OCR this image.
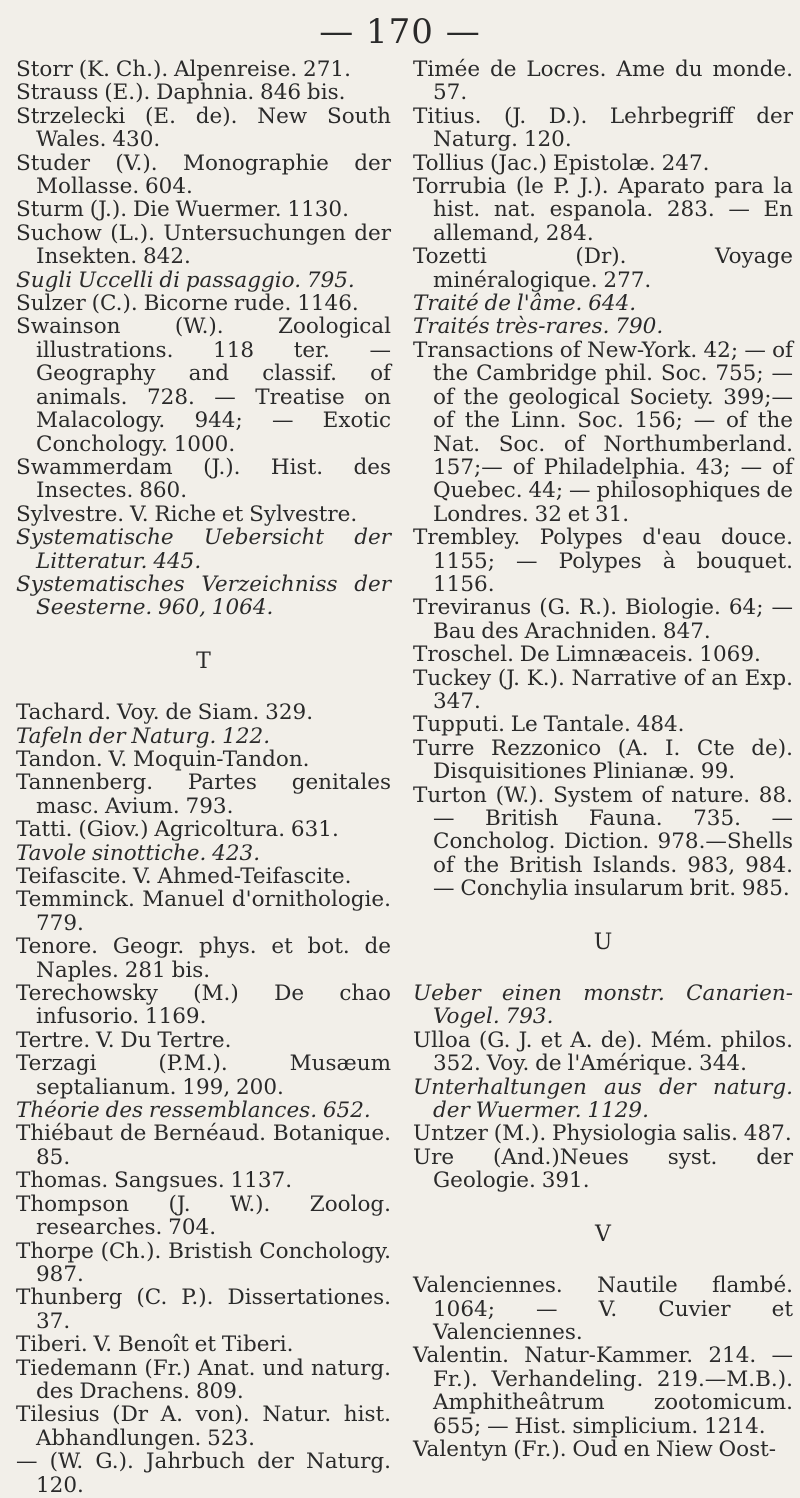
— 170 —

Storr (K. Ch.). Alpenreise. 271.

Strauss (E.). Daphnia. 846 bis.

Strzelecki (E. de). New South Wales. 430.

Studer (V.). Monographie der Mollasse. 604.

Sturm (J.). Die Wuermer. 1130.

Suchow (L.). Untersuchungen der Insekten. 842.

Sugli Uccelli di passaggio. 795.

Sulzer (C.). Bicorne rude. 1146.

Swainson (W.). Zoological illustrations. 118 ter. — Geography and classif. of animals. 728. — Treatise on Malacology. 944; — Exotic Conchology. 1000.

Swammerdam (J.). Hist. des Insectes. 860.

Sylvestre. V. Riche et Sylvestre.

Systematische Uebersicht der Litteratur. 445.

Systematisches Verzeichniss der Seesterne. 960, 1064.

T

Tachard. Voy. de Siam. 329.

Tafeln der Naturg. 122.

Tandon. V. Moquin-Tandon.

Tannenberg. Partes genitales masc. Avium. 793.

Tatti. (Giov.) Agricoltura. 631.

Tavole sinottiche. 423.

Teifascite. V. Ahmed-Teifascite.

Temminck. Manuel d'ornithologie. 779.

Tenore. Geogr. phys. et bot. de Naples. 281 bis.

Terechowsky (M.) De chao infusorio. 1169.

Tertre. V. Du Tertre.

Terzagi (P.M.). Musæum septalianum. 199, 200.

Théorie des ressemblances. 652.

Thiébaut de Bernéaud. Botanique. 85.

Thomas. Sangsues. 1137.

Thompson (J. W.). Zoolog. researches. 704.

Thorpe (Ch.). Bristish Conchology. 987.

Thunberg (C. P.). Dissertationes. 37.

Tiberi. V. Benoît et Tiberi.

Tiedemann (Fr.) Anat. und naturg. des Drachens. 809.

Tilesius (Dr A. von). Natur. hist. Abhandlungen. 523.

— (W. G.). Jahrbuch der Naturg. 120.

Timée de Locres. Ame du monde. 57.

Titius. (J. D.). Lehrbegriff der Naturg. 120.

Tollius (Jac.) Epistolæ. 247.

Torrubia (le P. J.). Aparato para la hist. nat. espanola. 283. — En allemand, 284.

Tozetti (Dr). Voyage minéralogique. 277.

Traité de l'âme. 644.

Traités très-rares. 790.

Transactions of New-York. 42; — of the Cambridge phil. Soc. 755; — of the geological Society. 399;— of the Linn. Soc. 156; — of the Nat. Soc. of Northumberland. 157;— of Philadelphia. 43; — of Quebec. 44; — philosophiques de Londres. 32 et 31.

Trembley. Polypes d'eau douce. 1155; — Polypes à bouquet. 1156.

Treviranus (G. R.). Biologie. 64; — Bau des Arachniden. 847.

Troschel. De Limnæaceis. 1069.

Tuckey (J. K.). Narrative of an Exp. 347.

Tupputi. Le Tantale. 484.

Turre Rezzonico (A. I. Cte de). Disquisitiones Plinianæ. 99.

Turton (W.). System of nature. 88. — British Fauna. 735. — Concholog. Diction. 978.—Shells of the British Islands. 983, 984.— Conchylia insularum brit. 985.

U

Ueber einen monstr. Canarien-Vogel. 793.

Ulloa (G. J. et A. de). Mém. philos. 352. Voy. de l'Amérique. 344.

Unterhaltungen aus der naturg. der Wuermer. 1129.

Untzer (M.). Physiologia salis. 487.

Ure (And.)Neues syst. der Geologie. 391.

V

Valenciennes. Nautile flambé. 1064; — V. Cuvier et Valenciennes.

Valentin. Natur-Kammer. 214. —Fr.). Verhandeling. 219.—M.B.). Amphitheâtrum zootomicum. 655; — Hist. simplicium. 1214.

Valentyn (Fr.). Oud en Niew Oost-
